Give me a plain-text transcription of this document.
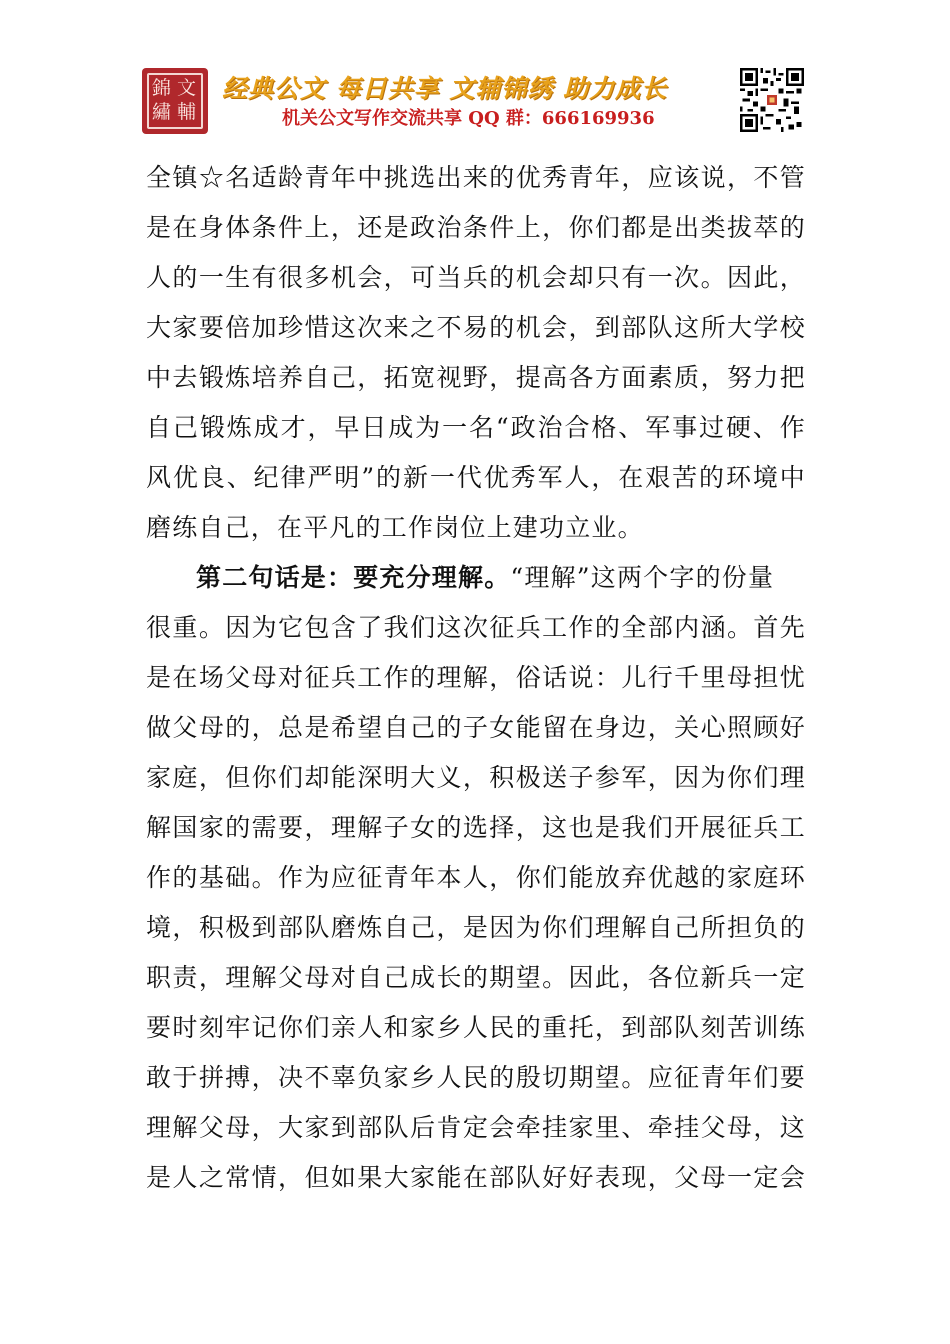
錦
繡
文
輔
经典公文 每日共享 文辅锦绣 助力成长
机关公文写作交流共享 QQ 群：666169936
全镇☆名适龄青年中挑选出来的优秀青年，应该说，不管
是在身体条件上，还是政治条件上，你们都是出类拔萃的
人的一生有很多机会，可当兵的机会却只有一次。因此，
大家要倍加珍惜这次来之不易的机会，到部队这所大学校
中去锻炼培养自己，拓宽视野，提高各方面素质，努力把
自己锻炼成才，早日成为一名“政治合格、军事过硬、作
风优良、纪律严明”的新一代优秀军人，在艰苦的环境中
磨练自己，在平凡的工作岗位上建功立业。
第二句话是：要充分理解。“理解”这两个字的份量
很重。因为它包含了我们这次征兵工作的全部内涵。首先
是在场父母对征兵工作的理解，俗话说：儿行千里母担忧
做父母的，总是希望自己的子女能留在身边，关心照顾好
家庭，但你们却能深明大义，积极送子参军，因为你们理
解国家的需要，理解子女的选择，这也是我们开展征兵工
作的基础。作为应征青年本人，你们能放弃优越的家庭环
境，积极到部队磨炼自己，是因为你们理解自己所担负的
职责，理解父母对自己成长的期望。因此，各位新兵一定
要时刻牢记你们亲人和家乡人民的重托，到部队刻苦训练
敢于拼搏，决不辜负家乡人民的殷切期望。应征青年们要
理解父母，大家到部队后肯定会牵挂家里、牵挂父母，这
是人之常情，但如果大家能在部队好好表现，父母一定会
